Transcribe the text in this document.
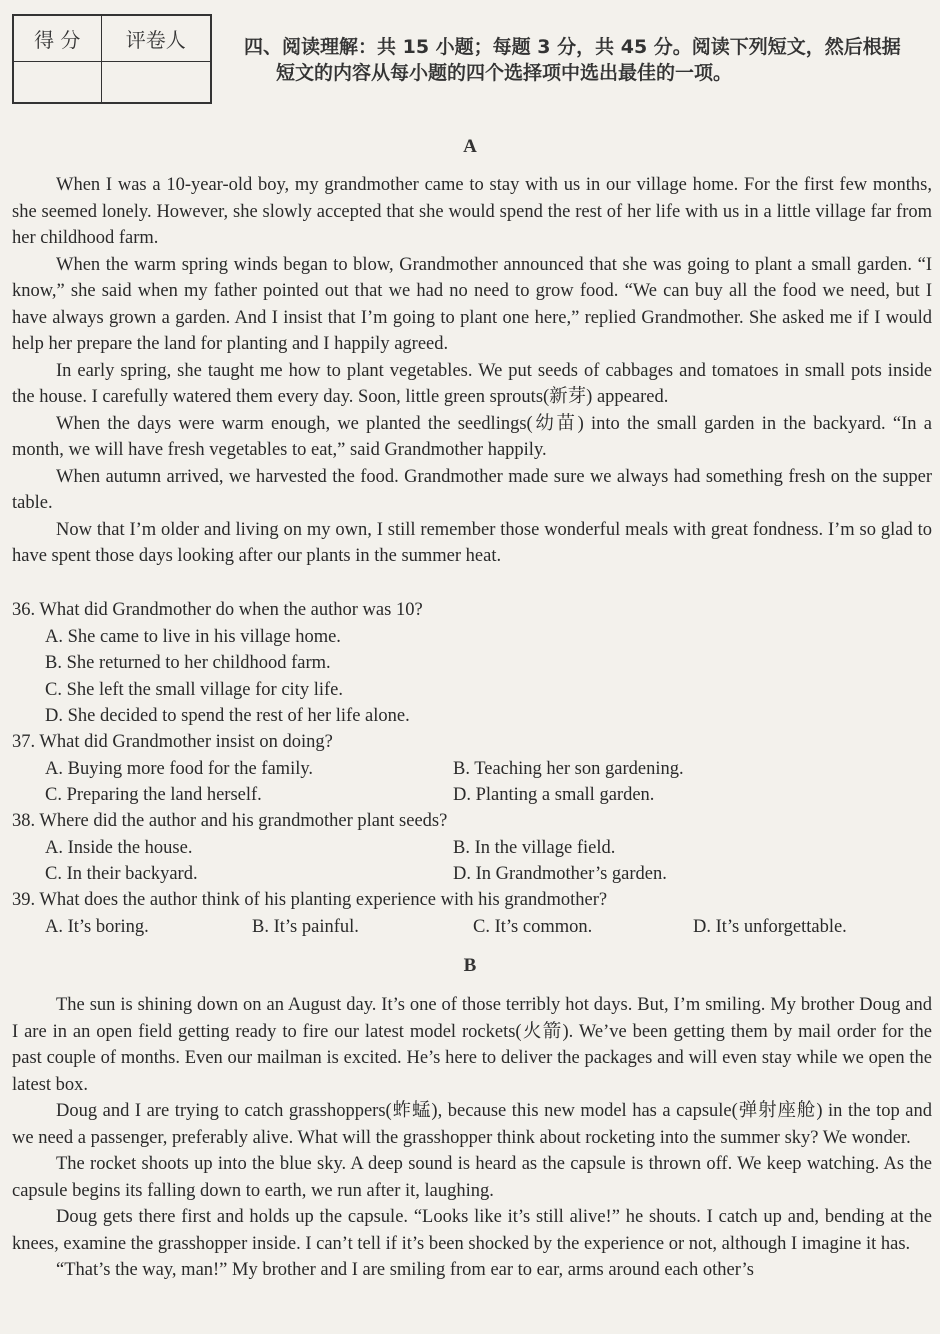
得 分	评卷人
		四、阅读理解：共 15 小题；每题 3 分，共 45 分。阅读下列短文，然后根据
短文的内容从每小题的四个选择项中选出最佳的一项。
A

When I was a 10-year-old boy, my grandmother came to stay with us in our village home. For the first few months, she seemed lonely. However, she slowly accepted that she would spend the rest of her life with us in a little village far from her childhood farm.

When the warm spring winds began to blow, Grandmother announced that she was going to plant a small garden. “I know,” she said when my father pointed out that we had no need to grow food. “We can buy all the food we need, but I have always grown a garden. And I insist that I’m going to plant one here,” replied Grandmother. She asked me if I would help her prepare the land for planting and I happily agreed.

In early spring, she taught me how to plant vegetables. We put seeds of cabbages and tomatoes in small pots inside the house. I carefully watered them every day. Soon, little green sprouts(新芽) appeared.

When the days were warm enough, we planted the seedlings(幼苗) into the small garden in the backyard. “In a month, we will have fresh vegetables to eat,” said Grandmother happily.

When autumn arrived, we harvested the food. Grandmother made sure we always had something fresh on the supper table.

Now that I’m older and living on my own, I still remember those wonderful meals with great fondness. I’m so glad to have spent those days looking after our plants in the summer heat.

36. What did Grandmother do when the author was 10?
A. She came to live in his village home.
B. She returned to her childhood farm.
C. She left the small village for city life.
D. She decided to spend the rest of her life alone.
37. What did Grandmother insist on doing?
A. Buying more food for the family.	B. Teaching her son gardening.
C. Preparing the land herself.	D. Planting a small garden.
38. Where did the author and his grandmother plant seeds?
A. Inside the house.	B. In the village field.
C. In their backyard.	D. In Grandmother’s garden.
39. What does the author think of his planting experience with his grandmother?
A. It’s boring.	B. It’s painful.	C. It’s common.	D. It’s unforgettable.
B

The sun is shining down on an August day. It’s one of those terribly hot days. But, I’m smiling. My brother Doug and I are in an open field getting ready to fire our latest model rockets(火箭). We’ve been getting them by mail order for the past couple of months. Even our mailman is excited. He’s here to deliver the packages and will even stay while we open the latest box.

Doug and I are trying to catch grasshoppers(蚱蜢), because this new model has a capsule(弹射座舱) in the top and we need a passenger, preferably alive. What will the grasshopper think about rocketing into the summer sky? We wonder.

The rocket shoots up into the blue sky. A deep sound is heard as the capsule is thrown off. We keep watching. As the capsule begins its falling down to earth, we run after it, laughing.

Doug gets there first and holds up the capsule. “Looks like it’s still alive!” he shouts. I catch up and, bending at the knees, examine the grasshopper inside. I can’t tell if it’s been shocked by the experience or not, although I imagine it has.

“That’s the way, man!” My brother and I are smiling from ear to ear, arms around each other’s
